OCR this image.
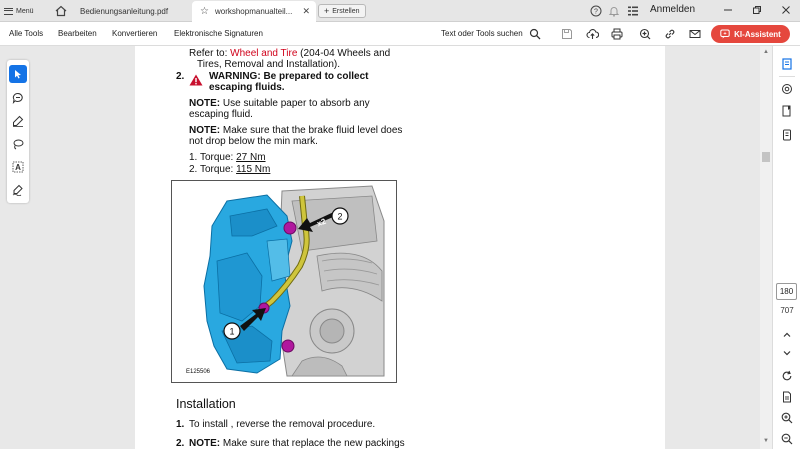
Menü	Bedienungsanleitung.pdf	☆ workshopmanualteil... ✕ + Erstellen	?	Anmelden
Alle Tools Bearbeiten Konvertieren Elektronische Signaturen	Text oder Tools suchen	KI-Assistent
A
Refer to: Wheel and Tire (204-04 Wheels and
Tires, Removal and Installation).
2. WARNING: Be prepared to collect
escaping fluids.
NOTE: Use suitable paper to absorb any
escaping fluid.
NOTE: Make sure that the brake fluid level does
not drop below the min mark.
1. Torque: 27 Nm
2. Torque: 115 Nm
x2
2
1
E125506
Installation
1. To install , reverse the removal procedure.
2. NOTE: Make sure that replace the new packings
▲
▼
180
707
